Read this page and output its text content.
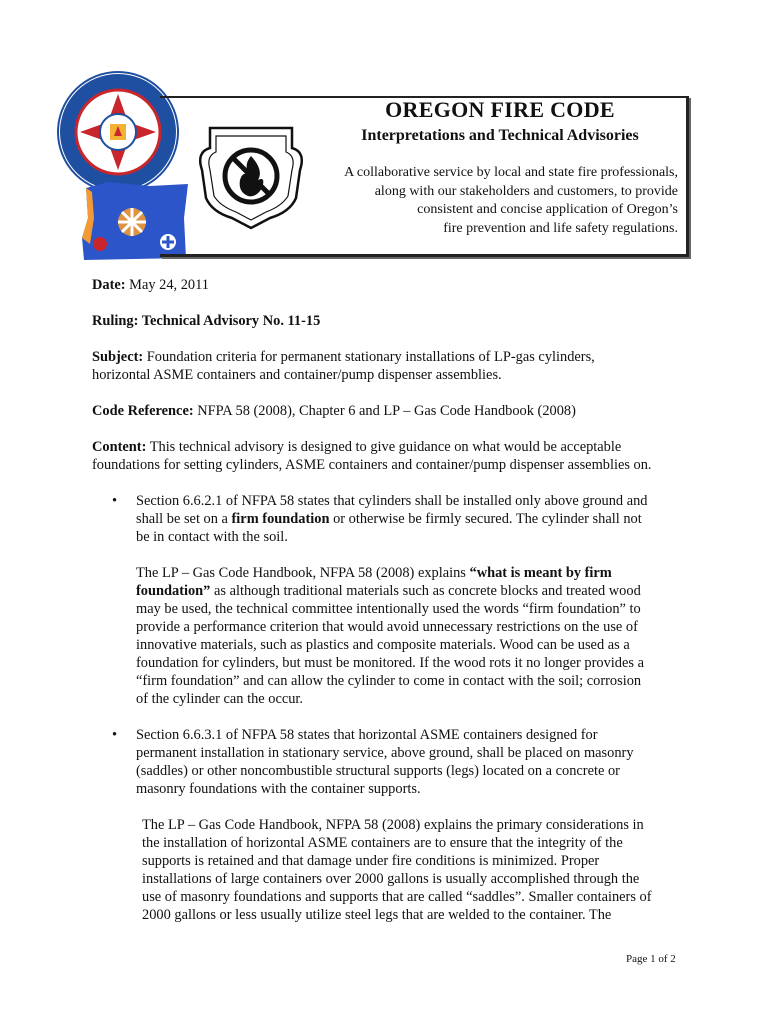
OREGON FIRE CODE
Interpretations and Technical Advisories
A collaborative service by local and state fire professionals,
along with our stakeholders and customers, to provide
consistent and concise application of Oregon’s
fire prevention and life safety regulations.
Date: May 24, 2011
Ruling: Technical Advisory No. 11-15
Subject: Foundation criteria for permanent stationary installations of LP-gas cylinders,
horizontal ASME containers and container/pump dispenser assemblies.
Code Reference: NFPA 58 (2008), Chapter 6 and LP – Gas Code Handbook (2008)
Content: This technical advisory is designed to give guidance on what would be acceptable
foundations for setting cylinders, ASME containers and container/pump dispenser assemblies on.
• Section 6.6.2.1 of NFPA 58 states that cylinders shall be installed only above ground and
shall be set on a firm foundation or otherwise be firmly secured. The cylinder shall not
be in contact with the soil.
The LP – Gas Code Handbook, NFPA 58 (2008) explains “what is meant by firm
foundation” as although traditional materials such as concrete blocks and treated wood
may be used, the technical committee intentionally used the words “firm foundation” to
provide a performance criterion that would avoid unnecessary restrictions on the use of
innovative materials, such as plastics and composite materials. Wood can be used as a
foundation for cylinders, but must be monitored. If the wood rots it no longer provides a
“firm foundation” and can allow the cylinder to come in contact with the soil; corrosion
of the cylinder can the occur.
• Section 6.6.3.1 of NFPA 58 states that horizontal ASME containers designed for
permanent installation in stationary service, above ground, shall be placed on masonry
(saddles) or other noncombustible structural supports (legs) located on a concrete or
masonry foundations with the container supports.
The LP – Gas Code Handbook, NFPA 58 (2008) explains the primary considerations in
the installation of horizontal ASME containers are to ensure that the integrity of the
supports is retained and that damage under fire conditions is minimized. Proper
installations of large containers over 2000 gallons is usually accomplished through the
use of masonry foundations and supports that are called “saddles”. Smaller containers of
2000 gallons or less usually utilize steel legs that are welded to the container. The
Page 1 of 2
